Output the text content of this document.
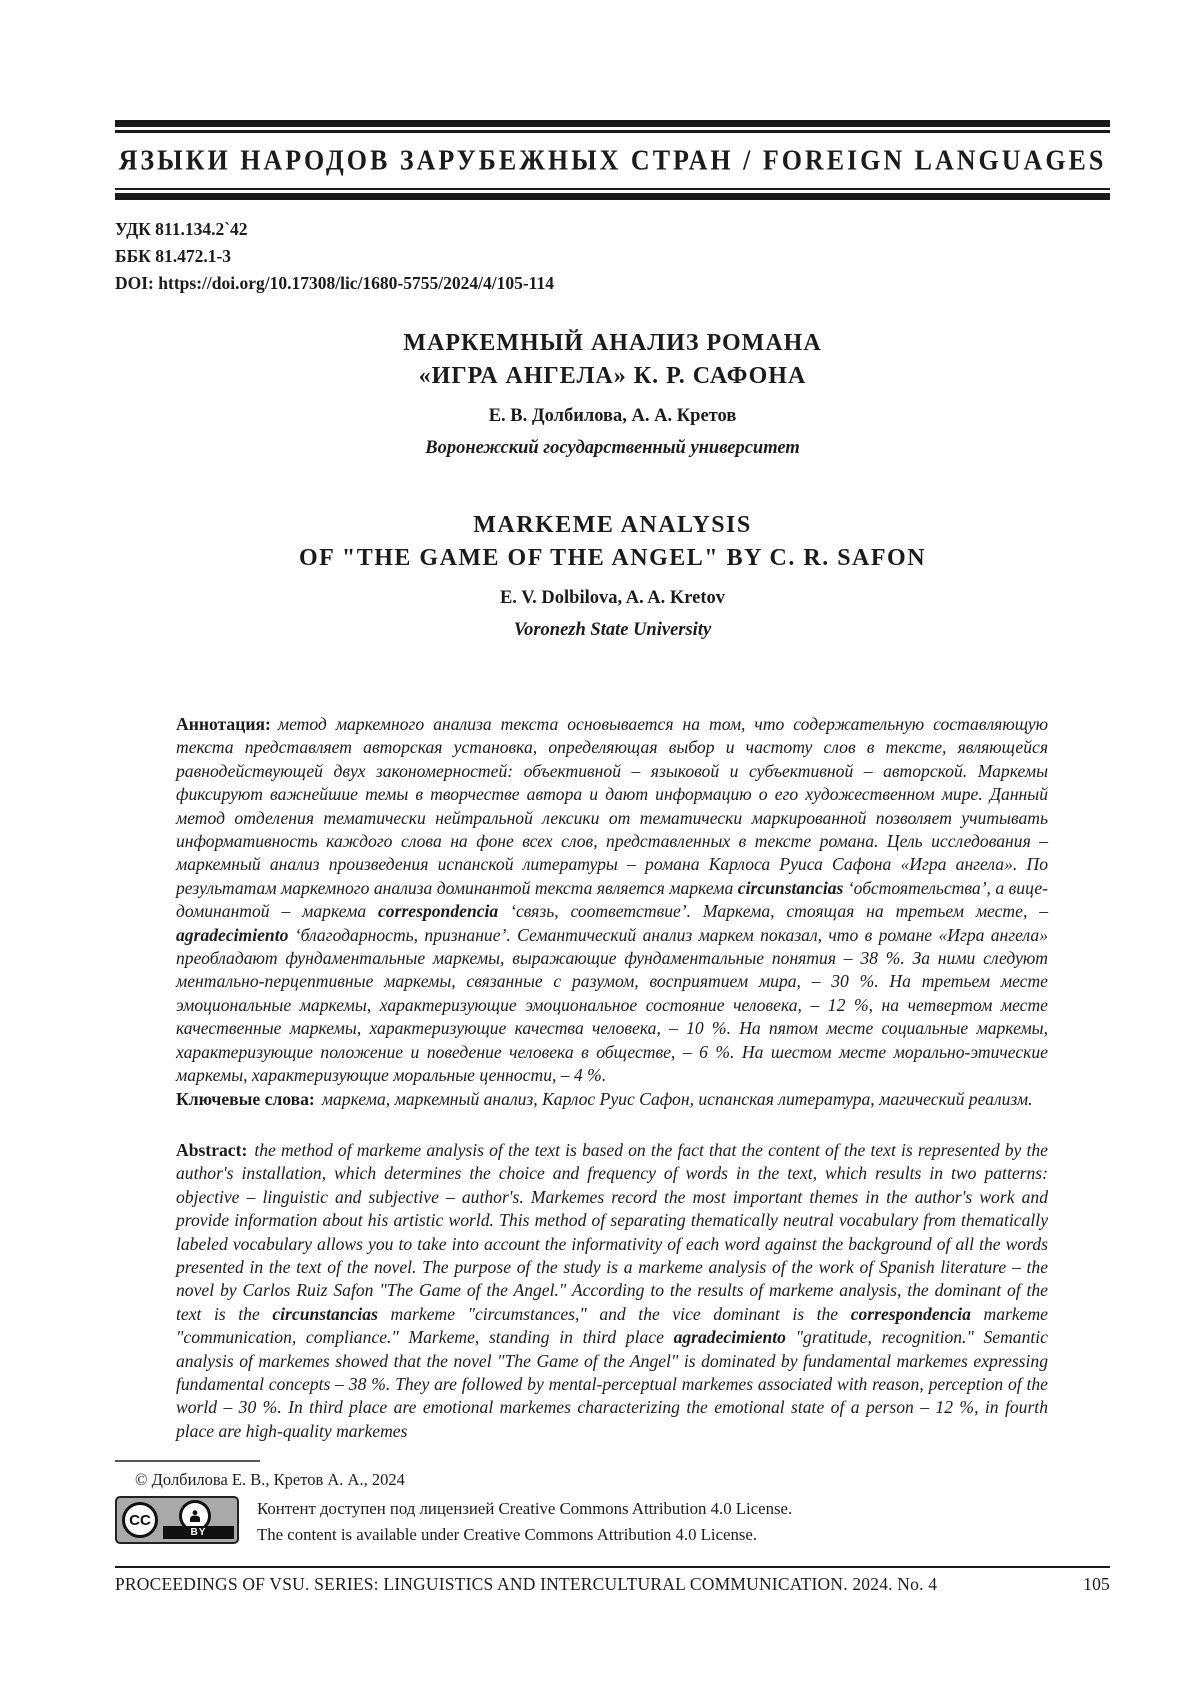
ЯЗЫКИ НАРОДОВ ЗАРУБЕЖНЫХ СТРАН / FOREIGN LANGUAGES
УДК 811.134.2`42
ББК 81.472.1-3
DOI: https://doi.org/10.17308/lic/1680-5755/2024/4/105-114
МАРКЕМНЫЙ АНАЛИЗ РОМАНА
«ИГРА АНГЕЛА» К. Р. САФОНА
Е. В. Долбилова, А. А. Кретов
Воронежский государственный университет
MARKEME ANALYSIS
OF "THE GAME OF THE ANGEL" BY C. R. SAFON
E. V. Dolbilova, A. A. Kretov
Voronezh State University

Аннотация: метод маркемного анализа текста основывается на том, что содержательную составляющую текста представляет авторская установка, определяющая выбор и частоту слов в тексте, являющейся равнодействующей двух закономерностей: объективной – языковой и субъективной – авторской. Маркемы фиксируют важнейшие темы в творчестве автора и дают информацию о его художественном мире. Данный метод отделения тематически нейтральной лексики от тематически маркированной позволяет учитывать информативность каждого слова на фоне всех слов, представленных в тексте романа. Цель исследования – маркемный анализ произведения испанской литературы – романа Карлоса Руиса Сафона «Игра ангела». По результатам маркемного анализа доминантой текста является маркема circunstancias ‘обстоятельства’, а вице-доминантой – маркема correspondencia ‘связь, соответствие’. Маркема, стоящая на третьем месте, – agradecimiento ‘благодарность, признание’. Семантический анализ маркем показал, что в романе «Игра ангела» преобладают фундаментальные маркемы, выражающие фундаментальные понятия – 38 %. За ними следуют ментально-перцептивные маркемы, связанные с разумом, восприятием мира, – 30 %. На третьем месте эмоциональные маркемы, характеризующие эмоциональное состояние человека, – 12 %, на четвертом месте качественные маркемы, характеризующие качества человека, – 10 %. На пятом месте социальные маркемы, характеризующие положение и поведение человека в обществе, – 6 %. На шестом месте морально-этические маркемы, характеризующие моральные ценности, – 4 %.

Ключевые слова: маркема, маркемный анализ, Карлос Руис Сафон, испанская литература, магический реализм.

Abstract: the method of markeme analysis of the text is based on the fact that the content of the text is represented by the author's installation, which determines the choice and frequency of words in the text, which results in two patterns: objective – linguistic and subjective – author's. Markemes record the most important themes in the author's work and provide information about his artistic world. This method of separating thematically neutral vocabulary from thematically labeled vocabulary allows you to take into account the informativity of each word against the background of all the words presented in the text of the novel. The purpose of the study is a markeme analysis of the work of Spanish literature – the novel by Carlos Ruiz Safon "The Game of the Angel." According to the results of markeme analysis, the dominant of the text is the circunstancias markeme "circumstances," and the vice dominant is the correspondencia markeme "communication, compliance." Markeme, standing in third place agradecimiento "gratitude, recognition." Semantic analysis of markemes showed that the novel "The Game of the Angel" is dominated by fundamental markemes expressing fundamental concepts – 38 %. They are followed by mental-perceptual markemes associated with reason, perception of the world – 30 %. In third place are emotional markemes characterizing the emotional state of a person – 12 %, in fourth place are high-quality markemes

© Долбилова Е. В., Кретов А. А., 2024
CC
BY
Контент доступен под лицензией Creative Commons Attribution 4.0 License.
The content is available under Creative Commons Attribution 4.0 License.
PROCEEDINGS OF VSU. SERIES: LINGUISTICS AND INTERCULTURAL COMMUNICATION. 2024. No. 4	105
